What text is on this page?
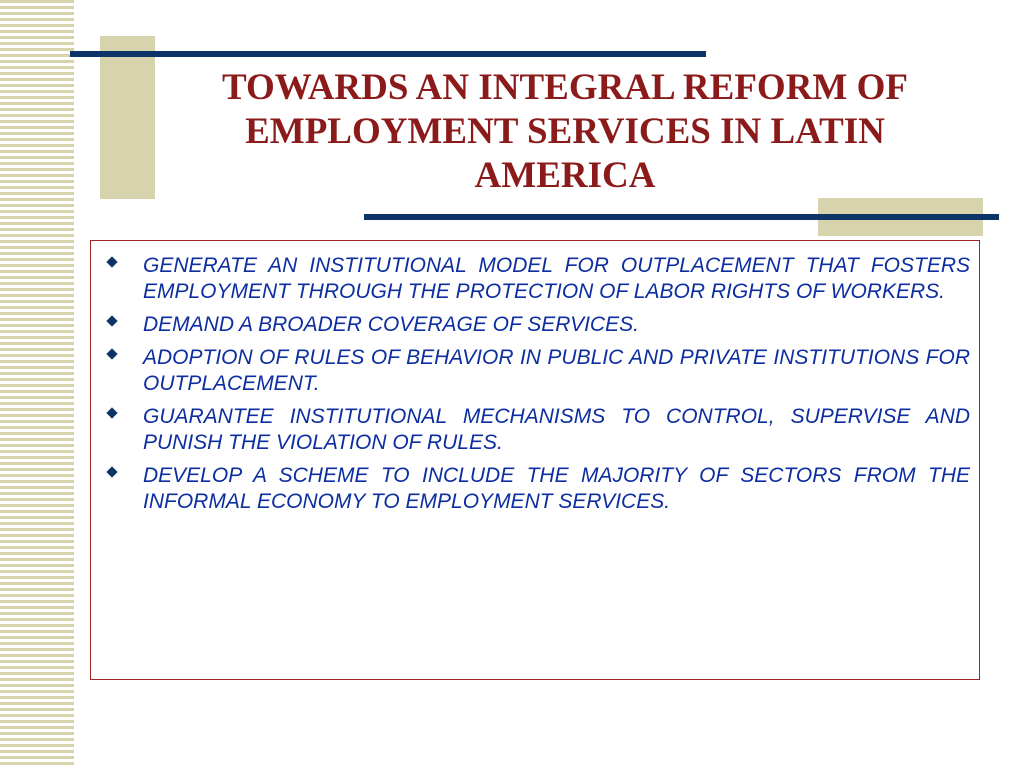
TOWARDS AN INTEGRAL REFORM OF EMPLOYMENT SERVICES IN LATIN AMERICA
GENERATE AN INSTITUTIONAL MODEL FOR OUTPLACEMENT THAT FOSTERS EMPLOYMENT THROUGH THE PROTECTION OF LABOR RIGHTS OF WORKERS.
DEMAND A BROADER COVERAGE OF SERVICES.
ADOPTION OF RULES OF BEHAVIOR IN PUBLIC AND PRIVATE INSTITUTIONS FOR OUTPLACEMENT.
GUARANTEE INSTITUTIONAL MECHANISMS TO CONTROL, SUPERVISE AND PUNISH THE VIOLATION OF RULES.
DEVELOP A SCHEME TO INCLUDE THE MAJORITY OF SECTORS FROM THE INFORMAL ECONOMY TO EMPLOYMENT SERVICES.
